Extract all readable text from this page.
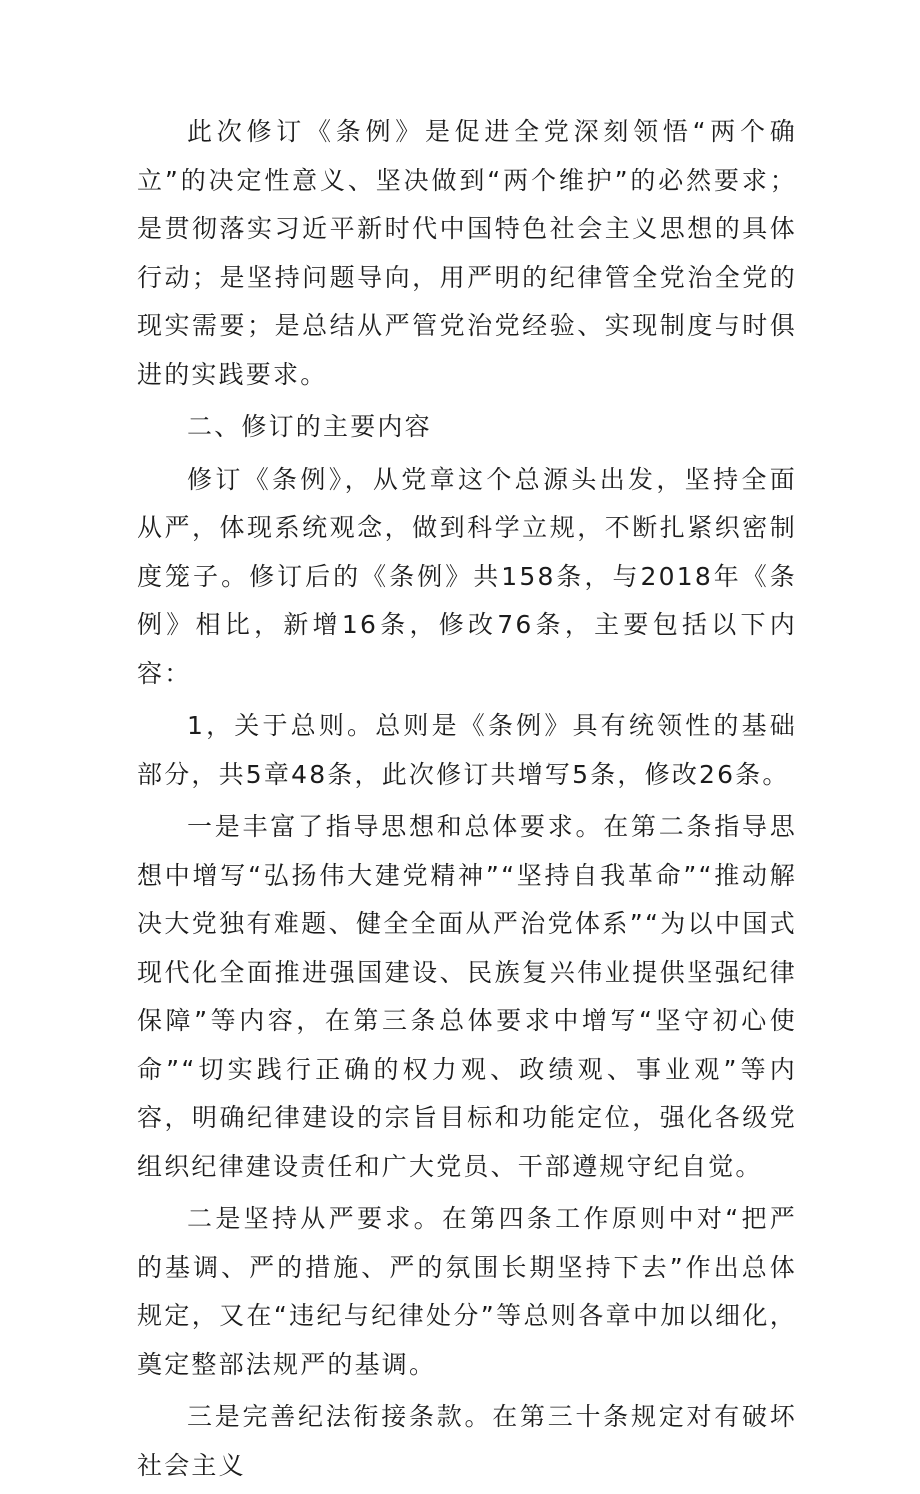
此次修订《条例》是促进全党深刻领悟“两个确立”的决定性意义、坚决做到“两个维护”的必然要求；是贯彻落实习近平新时代中国特色社会主义思想的具体行动；是坚持问题导向，用严明的纪律管全党治全党的现实需要；是总结从严管党治党经验、实现制度与时俱进的实践要求。

二、修订的主要内容

修订《条例》，从党章这个总源头出发，坚持全面从严，体现系统观念，做到科学立规，不断扎紧织密制度笼子。修订后的《条例》共158条，与2018年《条例》相比，新增16条，修改76条，主要包括以下内容：

1，关于总则。总则是《条例》具有统领性的基础部分，共5章48条，此次修订共增写5条，修改26条。

一是丰富了指导思想和总体要求。在第二条指导思想中增写“弘扬伟大建党精神”“坚持自我革命”“推动解决大党独有难题、健全全面从严治党体系”“为以中国式现代化全面推进强国建设、民族复兴伟业提供坚强纪律保障”等内容，在第三条总体要求中增写“坚守初心使命”“切实践行正确的权力观、政绩观、事业观”等内容，明确纪律建设的宗旨目标和功能定位，强化各级党组织纪律建设责任和广大党员、干部遵规守纪自觉。

二是坚持从严要求。在第四条工作原则中对“把严的基调、严的措施、严的氛围长期坚持下去”作出总体规定，又在“违纪与纪律处分”等总则各章中加以细化，奠定整部法规严的基调。

三是完善纪法衔接条款。在第三十条规定对有破坏社会主义
